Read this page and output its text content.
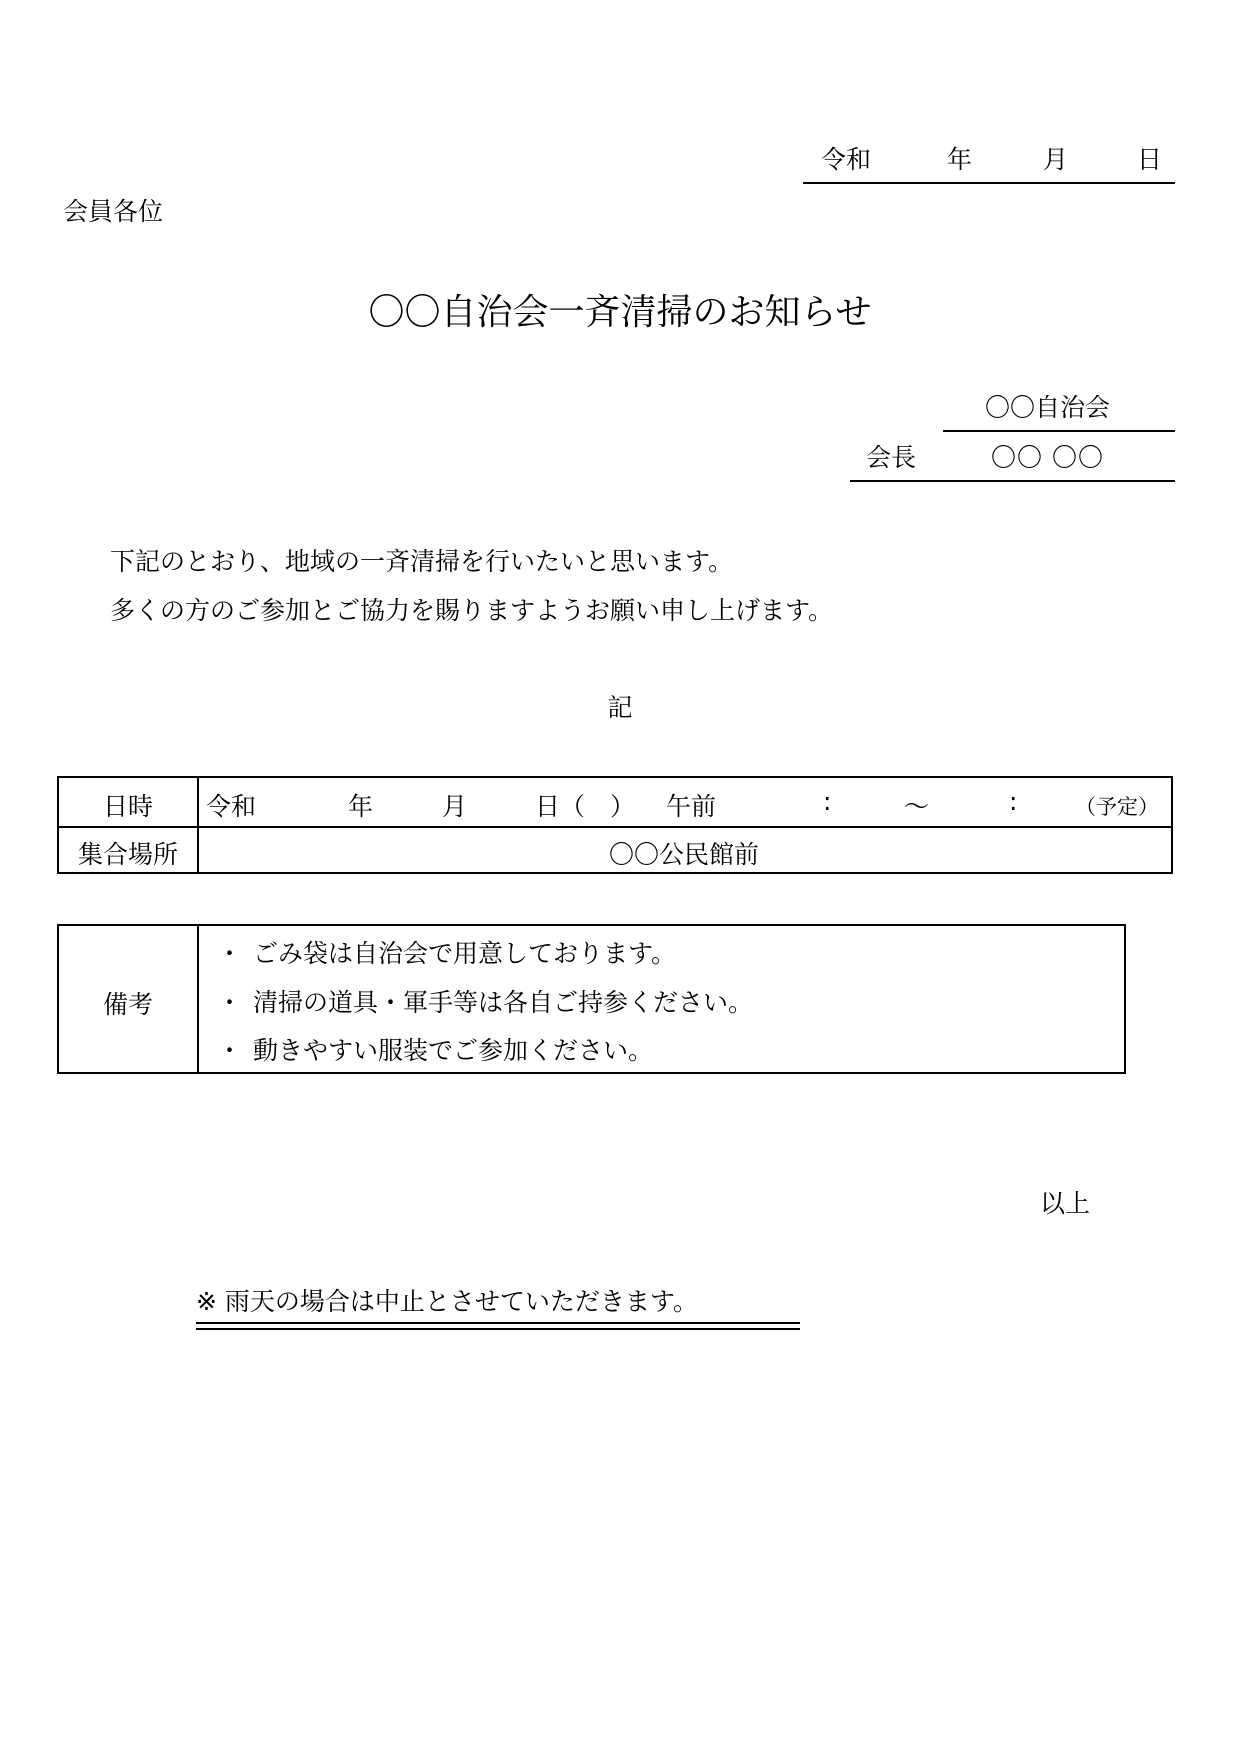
令和	年	月	日
会員各位
〇〇自治会一斉清掃のお知らせ
〇〇自治会
会長	〇〇 〇〇
下記のとおり、地域の一斉清掃を行いたいと思います。
多くの方のご参加とご協力を賜りますようお願い申し上げます。
記
日時	令和	年	月	日（　） 午前	:	～	:	（予定）
集合場所	〇〇公民館前
備考
・ ごみ袋は自治会で用意しております。
・ 清掃の道具・軍手等は各自ご持参ください。
・ 動きやすい服装でご参加ください。
以上
※ 雨天の場合は中止とさせていただきます。
